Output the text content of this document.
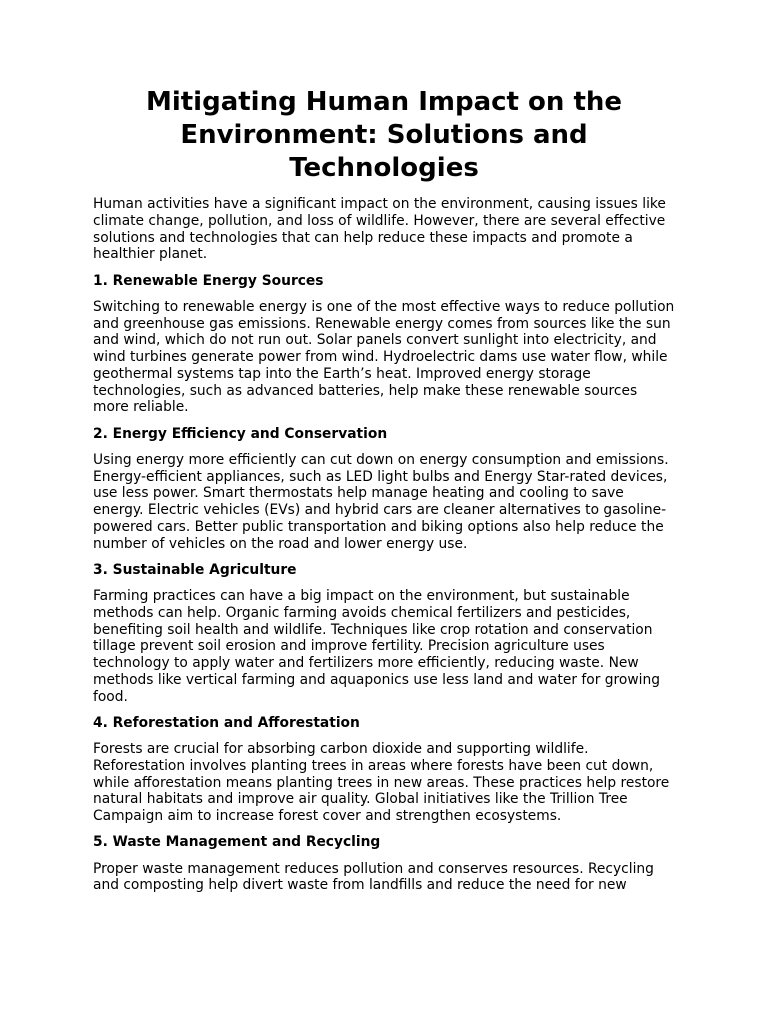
Mitigating Human Impact on the Environment: Solutions and Technologies

Human activities have a significant impact on the environment, causing issues like climate change, pollution, and loss of wildlife. However, there are several effective solutions and technologies that can help reduce these impacts and promote a healthier planet.

1. Renewable Energy Sources

Switching to renewable energy is one of the most effective ways to reduce pollution and greenhouse gas emissions. Renewable energy comes from sources like the sun and wind, which do not run out. Solar panels convert sunlight into electricity, and wind turbines generate power from wind. Hydroelectric dams use water flow, while geothermal systems tap into the Earth’s heat. Improved energy storage technologies, such as advanced batteries, help make these renewable sources more reliable.

2. Energy Efficiency and Conservation

Using energy more efficiently can cut down on energy consumption and emissions. Energy-efficient appliances, such as LED light bulbs and Energy Star-rated devices, use less power. Smart thermostats help manage heating and cooling to save energy. Electric vehicles (EVs) and hybrid cars are cleaner alternatives to gasoline-powered cars. Better public transportation and biking options also help reduce the number of vehicles on the road and lower energy use.

3. Sustainable Agriculture

Farming practices can have a big impact on the environment, but sustainable methods can help. Organic farming avoids chemical fertilizers and pesticides, benefiting soil health and wildlife. Techniques like crop rotation and conservation tillage prevent soil erosion and improve fertility. Precision agriculture uses technology to apply water and fertilizers more efficiently, reducing waste. New methods like vertical farming and aquaponics use less land and water for growing food.

4. Reforestation and Afforestation

Forests are crucial for absorbing carbon dioxide and supporting wildlife. Reforestation involves planting trees in areas where forests have been cut down, while afforestation means planting trees in new areas. These practices help restore natural habitats and improve air quality. Global initiatives like the Trillion Tree Campaign aim to increase forest cover and strengthen ecosystems.

5. Waste Management and Recycling

Proper waste management reduces pollution and conserves resources. Recycling and composting help divert waste from landfills and reduce the need for new
